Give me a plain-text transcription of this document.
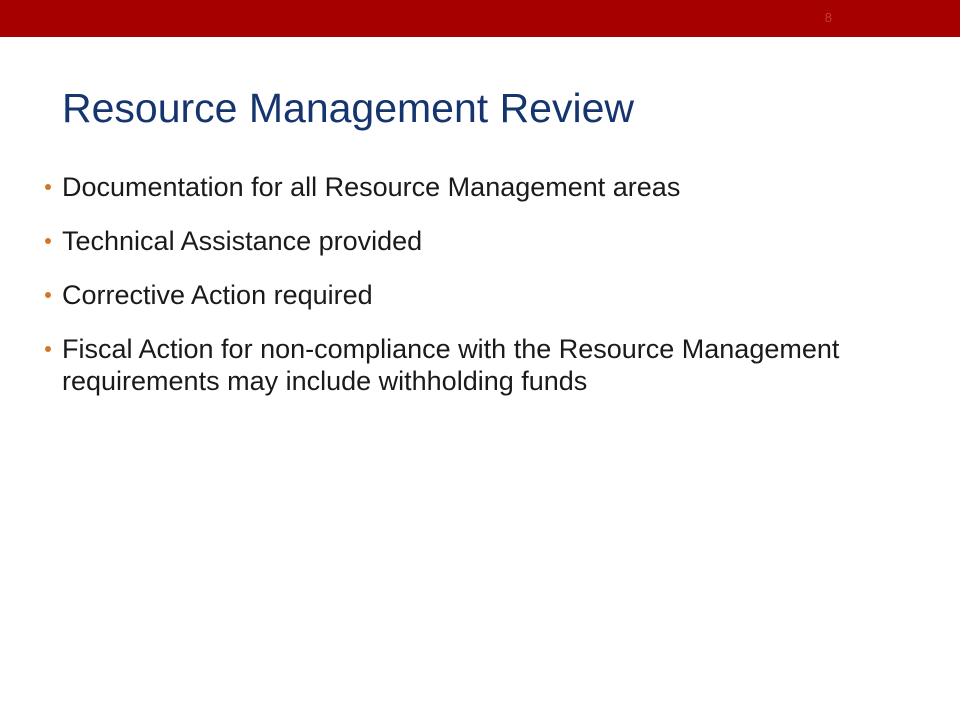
8
Resource Management Review
Documentation for all Resource Management areas
Technical Assistance provided
Corrective Action required
Fiscal Action for non-compliance with the Resource Management requirements may include withholding funds
